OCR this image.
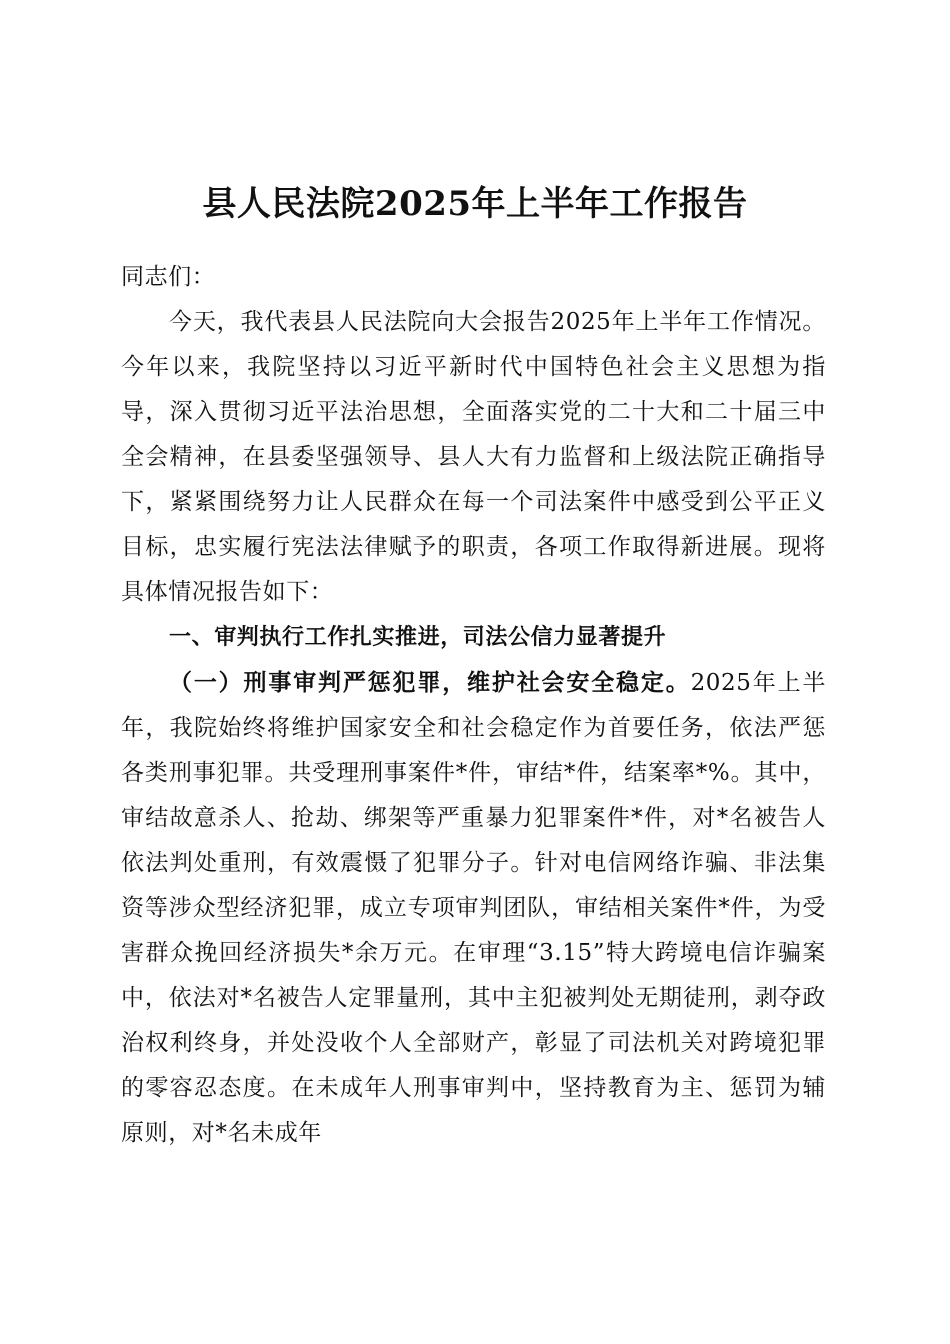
县人民法院2025年上半年工作报告

同志们：

今天，我代表县人民法院向大会报告2025年上半年工作情况。今年以来，我院坚持以习近平新时代中国特色社会主义思想为指导，深入贯彻习近平法治思想，全面落实党的二十大和二十届三中全会精神，在县委坚强领导、县人大有力监督和上级法院正确指导下，紧紧围绕努力让人民群众在每一个司法案件中感受到公平正义目标，忠实履行宪法法律赋予的职责，各项工作取得新进展。现将具体情况报告如下：

一、审判执行工作扎实推进，司法公信力显著提升

（一）刑事审判严惩犯罪，维护社会安全稳定。2025年上半年，我院始终将维护国家安全和社会稳定作为首要任务，依法严惩各类刑事犯罪。共受理刑事案件*件，审结*件，结案率*%。其中，审结故意杀人、抢劫、绑架等严重暴力犯罪案件*件，对*名被告人依法判处重刑，有效震慑了犯罪分子。针对电信网络诈骗、非法集资等涉众型经济犯罪，成立专项审判团队，审结相关案件*件，为受害群众挽回经济损失*余万元。在审理“3.15”特大跨境电信诈骗案中，依法对*名被告人定罪量刑，其中主犯被判处无期徒刑，剥夺政治权利终身，并处没收个人全部财产，彰显了司法机关对跨境犯罪的零容忍态度。在未成年人刑事审判中，坚持教育为主、惩罚为辅原则，对*名未成年
